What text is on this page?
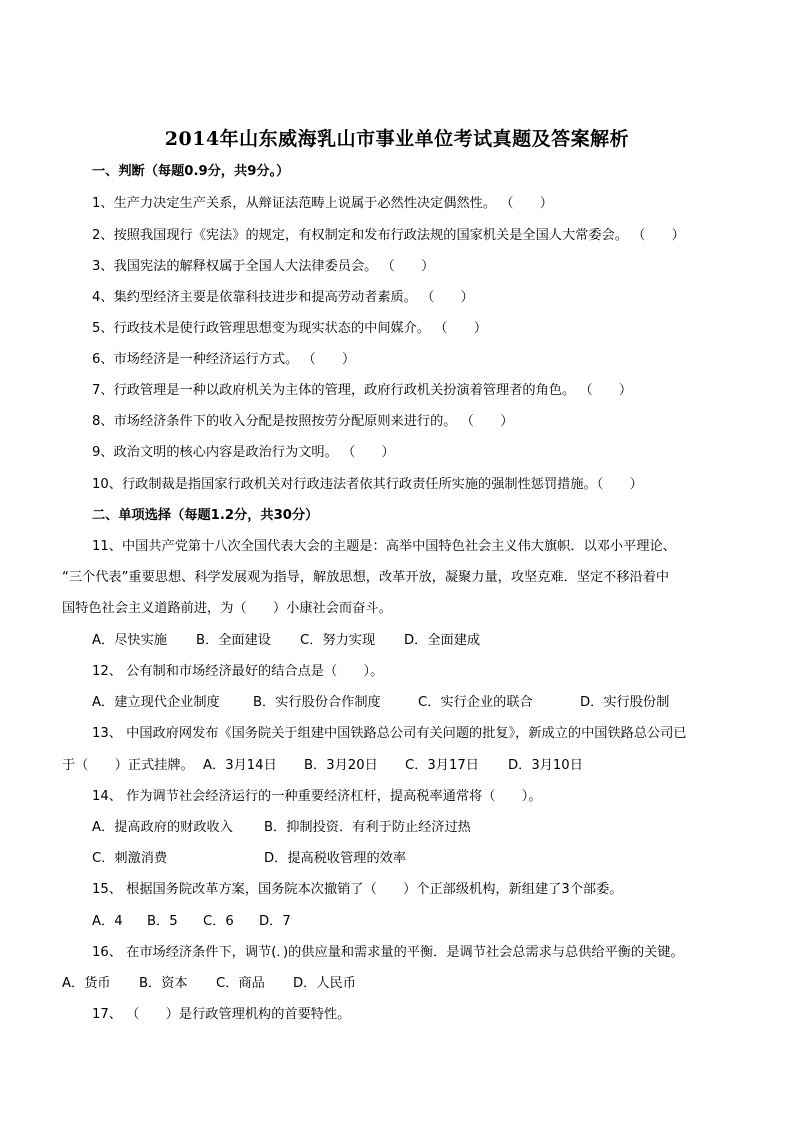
2014年山东威海乳山市事业单位考试真题及答案解析
一、判断（每题0.9分，共9分。）
1、生产力决定生产关系，从辩证法范畴上说属于必然性决定偶然性。 （　　）
2、按照我国现行《宪法》的规定，有权制定和发布行政法规的国家机关是全国人大常委会。 （　　）
3、我国宪法的解释权属于全国人大法律委员会。 （　　）
4、集约型经济主要是依靠科技进步和提高劳动者素质。 （　　）
5、行政技术是使行政管理思想变为现实状态的中间媒介。 （　　）
6、市场经济是一种经济运行方式。 （　　）
7、行政管理是一种以政府机关为主体的管理，政府行政机关扮演着管理者的角色。 （　　）
8、市场经济条件下的收入分配是按照按劳分配原则来进行的。 （　　）
9、政治文明的核心内容是政治行为文明。 （　　）
10、行政制裁是指国家行政机关对行政违法者依其行政责任所实施的强制性惩罚措施。（　　）
二、单项选择（每题1.2分，共30分）
11、中国共产党第十八次全国代表大会的主题是：高举中国特色社会主义伟大旗帜．以邓小平理论、
“三个代表”重要思想、科学发展观为指导，解放思想，改革开放，凝聚力量，攻坚克难．坚定不移沿着中
国特色社会主义道路前进，为（　　）小康社会而奋斗。
A．尽快实施 B．全面建设 C．努力实现 D．全面建成
12、 公有制和市场经济最好的结合点是（　　）。
A．建立现代企业制度	B．实行股份合作制度	C．实行企业的联合	D．实行股份制
13、 中国政府网发布《国务院关于组建中国铁路总公司有关问题的批复》，新成立的中国铁路总公司已
于（　　）正式挂牌。 A．3月14日 B．3月20日 C．3月17日 D．3月10日
14、 作为调节社会经济运行的一种重要经济杠杆，提高税率通常将（　　）。
A．提高政府的财政收入 B．抑制投资．有利于防止经济过热
C．刺激消费	D．提高税收管理的效率
15、 根据国务院改革方案，国务院本次撤销了（　　）个正部级机构，新组建了3个部委。
A．4 B．5 C．6 D．7
16、 在市场经济条件下，调节(．)的供应量和需求量的平衡．是调节社会总需求与总供给平衡的关键。
A．货币 B．资本 C．商品 D．人民币
17、 （　　）是行政管理机构的首要特性。
